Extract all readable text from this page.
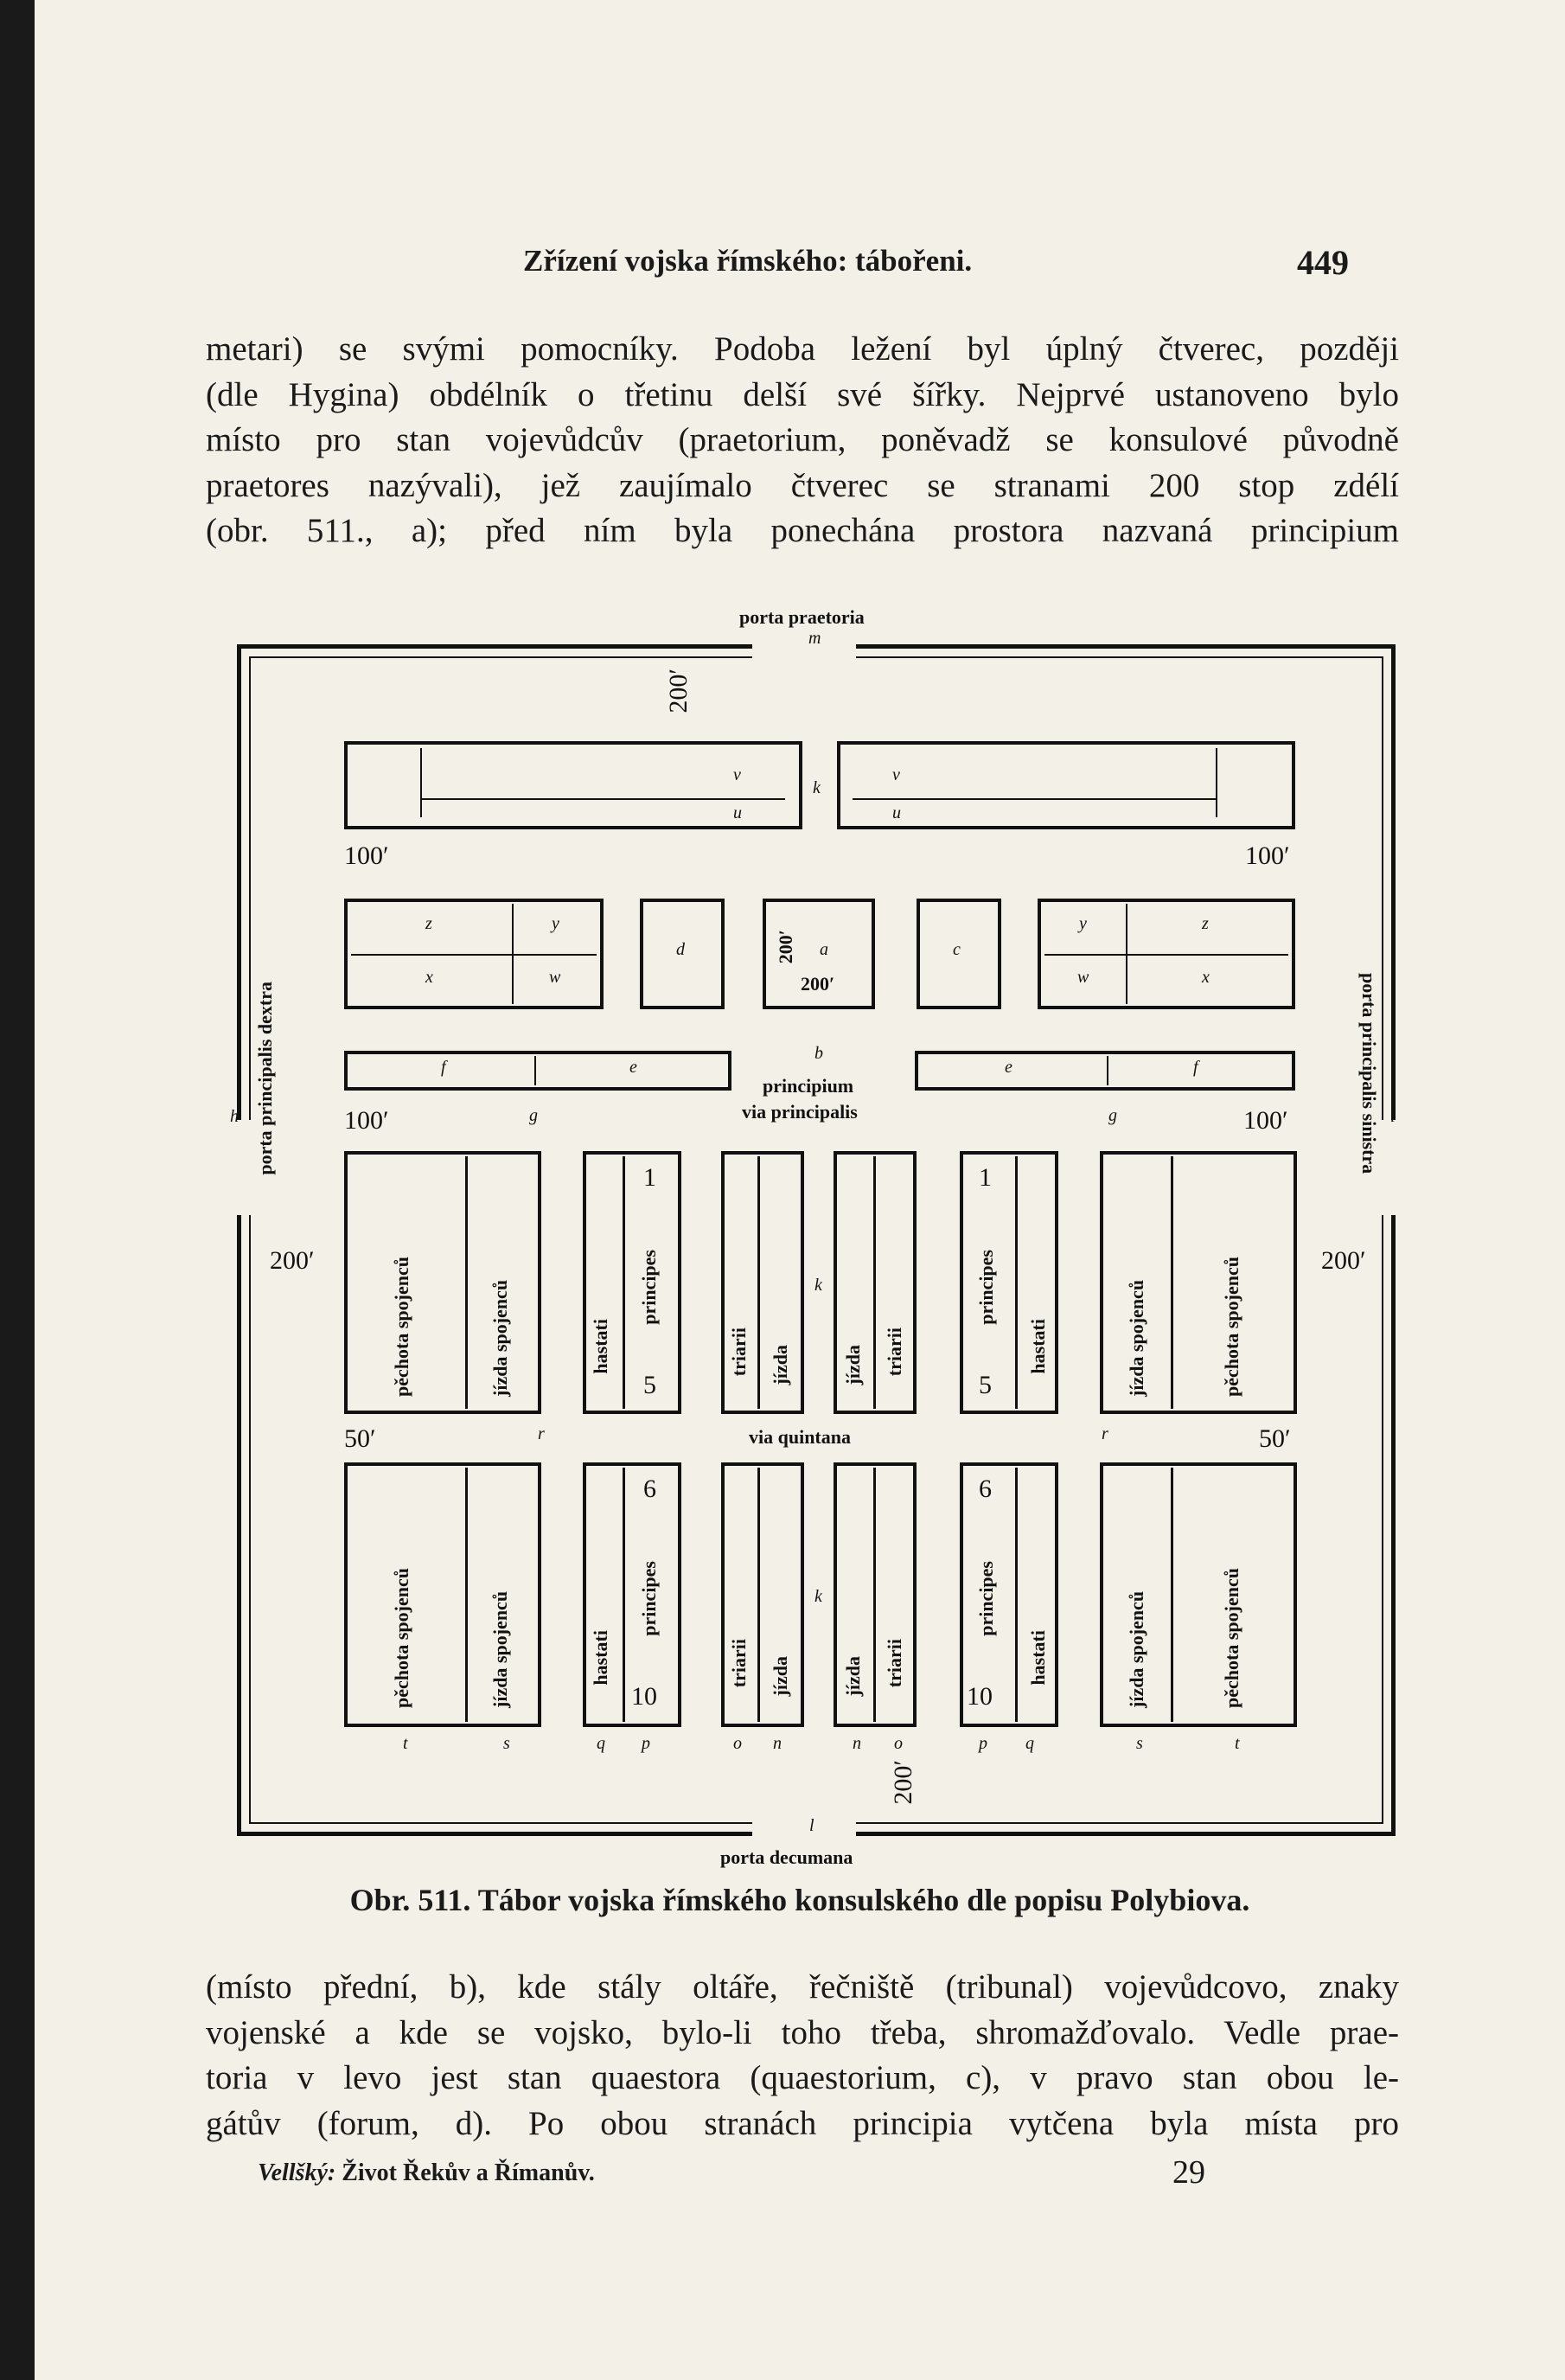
Zřízení vojska římského: tábořeni.	449
metari) se svými pomocníky. Podoba ležení byl úplný čtverec, později
(dle Hygina) obdélník o třetinu delší své šířky. Nejprvé ustanoveno bylo
místo pro stan vojevůdcův (praetorium, poněvadž se konsulové původně
praetores nazývali), jež zaujímalo čtverec se stranami 200 stop zdélí
(obr. 511., a); před ním byla ponechána prostora nazvaná principium
porta praetoria
m
porta decumana
l
porta principalis dextra	porta principalis sinistra
h	i
200′
v
u
k
v
u
100′	100′
z	y
x	w
d	200′ a
200′
c
y	z
w	x
f	e	e	f
b
principium
via principalis
100′	g	g	100′
200′	200′
pěchota spojenců	jízda spojenců	hastati
principes
1
5
triarii jízda
k
jízda triarii
principes
hastati
1
5	jízda spojenců	pěchota spojenců
50′	r	via quintana	r	50′
pěchota spojenců	jízda spojenců	hastati
principes
6
10
triarii jízda
k
jízda triarii
principes
hastati
6
10	jízda spojenců	pěchota spojenců
t	s	q p	o n	n o	p q	s	t
200′
Obr. 511. Tábor vojska římského konsulského dle popisu Polybiova.
(místo přední, b), kde stály oltáře, řečniště (tribunal) vojevůdcovo, znaky
vojenské a kde se vojsko, bylo-li toho třeba, shromažďovalo. Vedle prae-
toria v levo jest stan quaestora (quaestorium, c), v pravo stan obou le-
gátův (forum, d). Po obou stranách principia vytčena byla místa pro
Vellšký: Život Řekův a Římanův.	29
